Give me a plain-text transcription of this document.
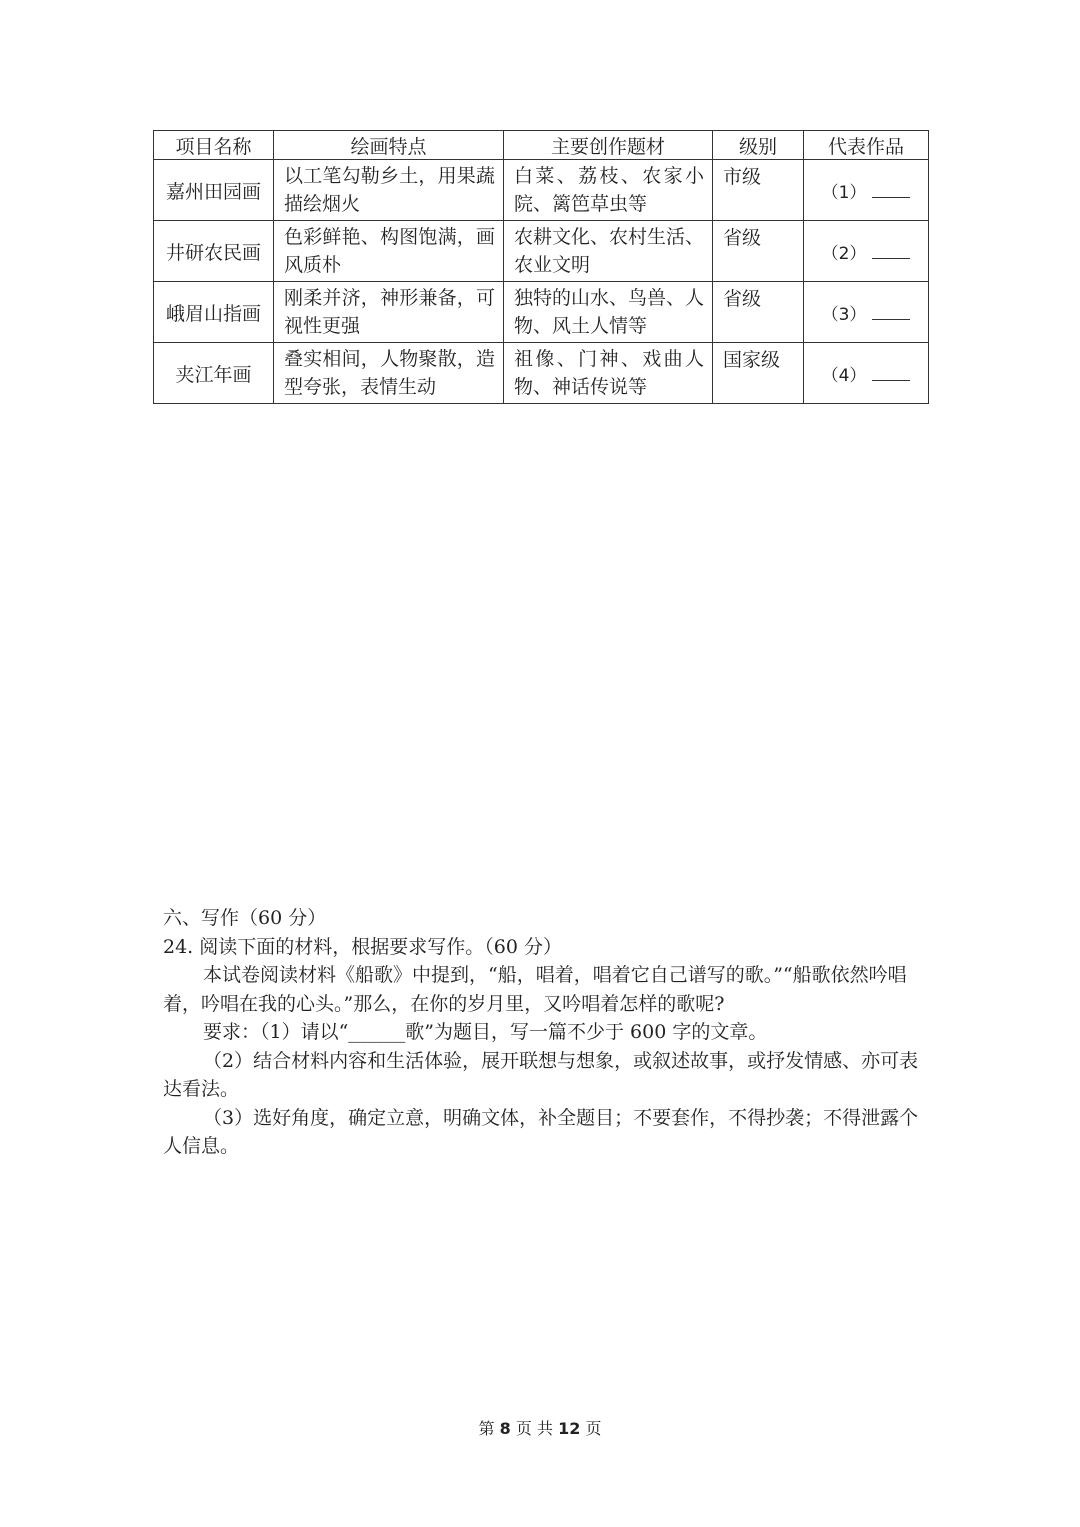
项目名称	绘画特点	主要创作题材	级别	代表作品
嘉州田园画	以工笔勾勒乡土，用果蔬描绘烟火	白菜、荔枝、农家小院、篱笆草虫等	市级	（1）
井研农民画	色彩鲜艳、构图饱满，画风质朴	农耕文化、农村生活、农业文明	省级	（2）
峨眉山指画	刚柔并济，神形兼备，可视性更强	独特的山水、鸟兽、人物、风土人情等	省级	（3）
夹江年画	叠实相间，人物聚散，造型夸张，表情生动	祖像、门神、戏曲人物、神话传说等	国家级	（4）

六、写作（60 分）

24. 阅读下面的材料，根据要求写作。（60 分）

本试卷阅读材料《船歌》中提到，“船，唱着，唱着它自己谱写的歌。”“船歌依然吟唱着，吟唱在我的心头。”那么，在你的岁月里，又吟唱着怎样的歌呢?

要求：（1）请以“______歌”为题目，写一篇不少于 600 字的文章。

（2）结合材料内容和生活体验，展开联想与想象，或叙述故事，或抒发情感、亦可表达看法。

（3）选好角度，确定立意，明确文体，补全题目；不要套作，不得抄袭；不得泄露个人信息。

第 8 页 共 12 页
